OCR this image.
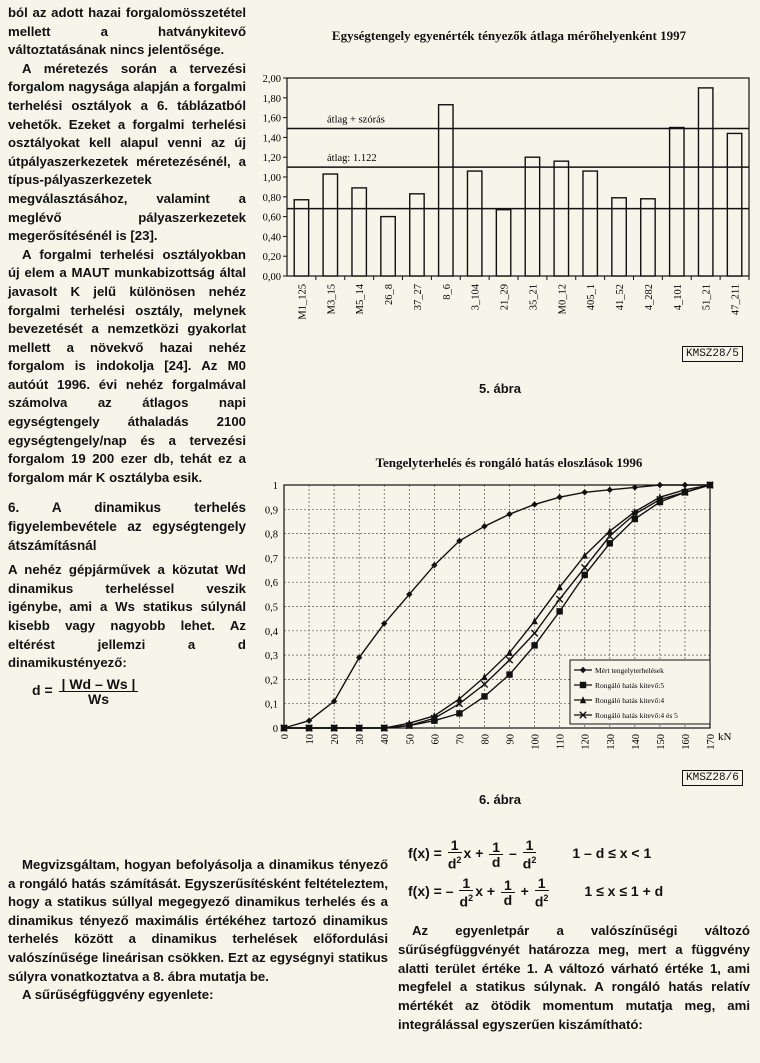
ból az adott hazai forgalomösszetétel mellett a hatványkitevő változtatásának nincs jelentősége.

A méretezés során a tervezési forgalom nagysága alapján a forgalmi terhelési osztályok a 6. táblázatból vehetők. Ezeket a forgalmi terhelési osztályokat kell alapul venni az új útpályaszerkezetek méretezésénél, a típus-pályaszerkezetek megválasztásához, valamint a meglévő pályaszerkezetek megerősítésénél is [23].

A forgalmi terhelési osztályokban új elem a MAUT munkabizottság által javasolt K jelű különösen nehéz forgalmi terhelési osztály, melynek bevezetését a nemzetközi gyakorlat mellett a növekvő hazai nehéz forgalom is indokolja [24]. Az M0 autóút 1996. évi nehéz forgalmával számolva az átlagos napi egységtengely áthaladás 2100 egységtengely/nap és a tervezési forgalom 19 200 ezer db, tehát ez a forgalom már K osztályba esik.

6. A dinamikus terhelés figyelembevétele az egységtengely átszámításnál

A nehéz gépjárművek a közutat Wd dinamikus terheléssel veszik igénybe, ami a Ws statikus súlynál kisebb vagy nagyobb lehet. Az eltérést jellemzi a d dinamikustényező:

$d = \frac{| Wd - Ws |}{Ws}$
Egységtengely egyenérték tényezők átlaga mérőhelyenként 1997
0,00
0,20
0,40
0,60
0,80
1,00
1,20
1,40
1,60
1,80
2,00
M1_125 M3_15 M5_14 26_8 37_27 8_6 3_104 21_29 35_21 M0_12 405_1 41_52 4_282 4_101 51_21 47_211
átlag + szórás
átlag: 1.122
KMSZ28/5
5. ábra
Tengelyterhelés és rongáló hatás eloszlások 1996
0
0,1
0,2
0,3
0,4
0,5
0,6
0,7
0,8
0,9
1
0 10 20 30 40 50 60 70 80 90 100 110 120 130 140 150 160 170 kN
Mért tengelyterhelések
Rongáló hatás kitevő:5
Rongáló hatás kitevő:4
Rongáló hatás kitevő:4 és 5
KMSZ28/6
6. ábra
$f(x) = \frac{1}{d^2}$ $x + \frac{1}{d} - \frac{1}{d^2}$	1 – d ≤ x < 1
f(x) = – $\frac{1}{d^2}$ $x + \frac{1}{d} + \frac{1}{d^2}$	1 ≤ x ≤ 1 + d

Megvizsgáltam, hogyan befolyásolja a dinamikus tényező a rongáló hatás számítását. Egyszerűsítésként feltételeztem, hogy a statikus súllyal megegyező dinamikus terhelés és a dinamikus tényező maximális értékéhez tartozó dinamikus terhelés között a dinamikus terhelések előfordulási valószínűsége lineárisan csökken. Ezt az egységnyi statikus súlyra vonatkoztatva a 8. ábra mutatja be.

A sűrűségfüggvény egyenlete:

Az egyenletpár a valószínűségi változó sűrűségfüggvényét határozza meg, mert a függvény alatti terület értéke 1. A változó várható értéke 1, ami megfelel a statikus súlynak. A rongáló hatás relatív mértékét az ötödik momentum mutatja meg, ami integrálással egyszerűen kiszámítható:
